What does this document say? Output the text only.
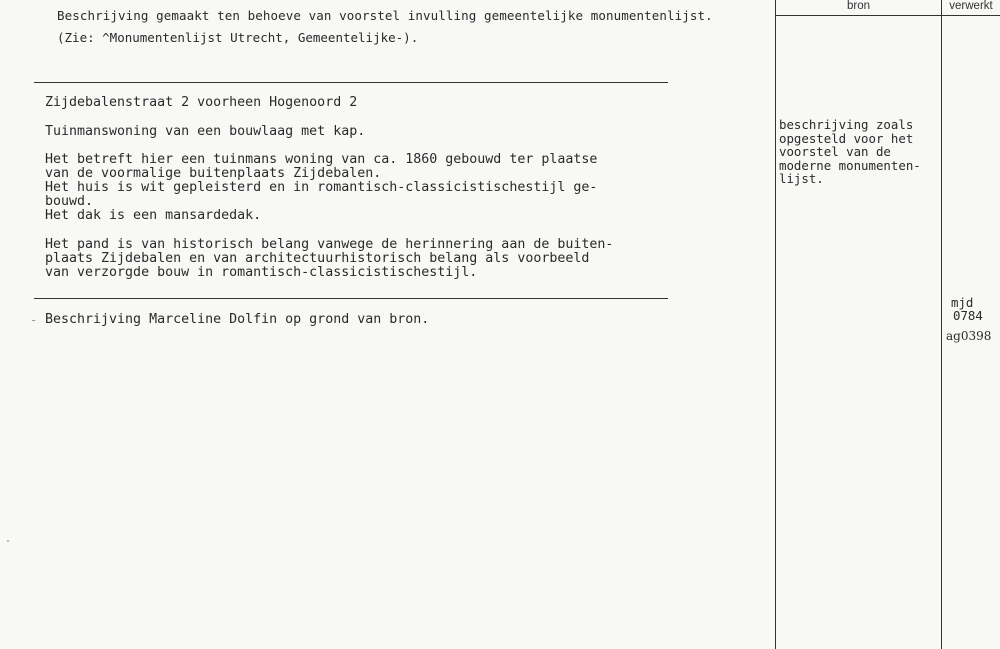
Beschrijving gemaakt ten behoeve van voorstel invulling gemeentelijke monumentenlijst.
(Zie: ^Monumentenlijst Utrecht, Gemeentelijke-).
Zijdebalenstraat 2 voorheen Hogenoord 2
Tuinmanswoning van een bouwlaag met kap.
Het betreft hier een tuinmans woning van ca. 1860 gebouwd ter plaatse
van de voormalige buitenplaats Zijdebalen.
Het huis is wit gepleisterd en in romantisch-classicistischestijl ge-
bouwd.
Het dak is een mansardedak.
Het pand is van historisch belang vanwege de herinnering aan de buiten-
plaats Zijdebalen en van architectuurhistorisch belang als voorbeeld
van verzorgde bouw in romantisch-classicistischestijl.
- Beschrijving Marceline Dolfin op grond van bron.
bron	verwerkt
beschrijving zoals
opgesteld voor het
voorstel van de
moderne monumenten-
lijst.
mjd
0784
ag0398
